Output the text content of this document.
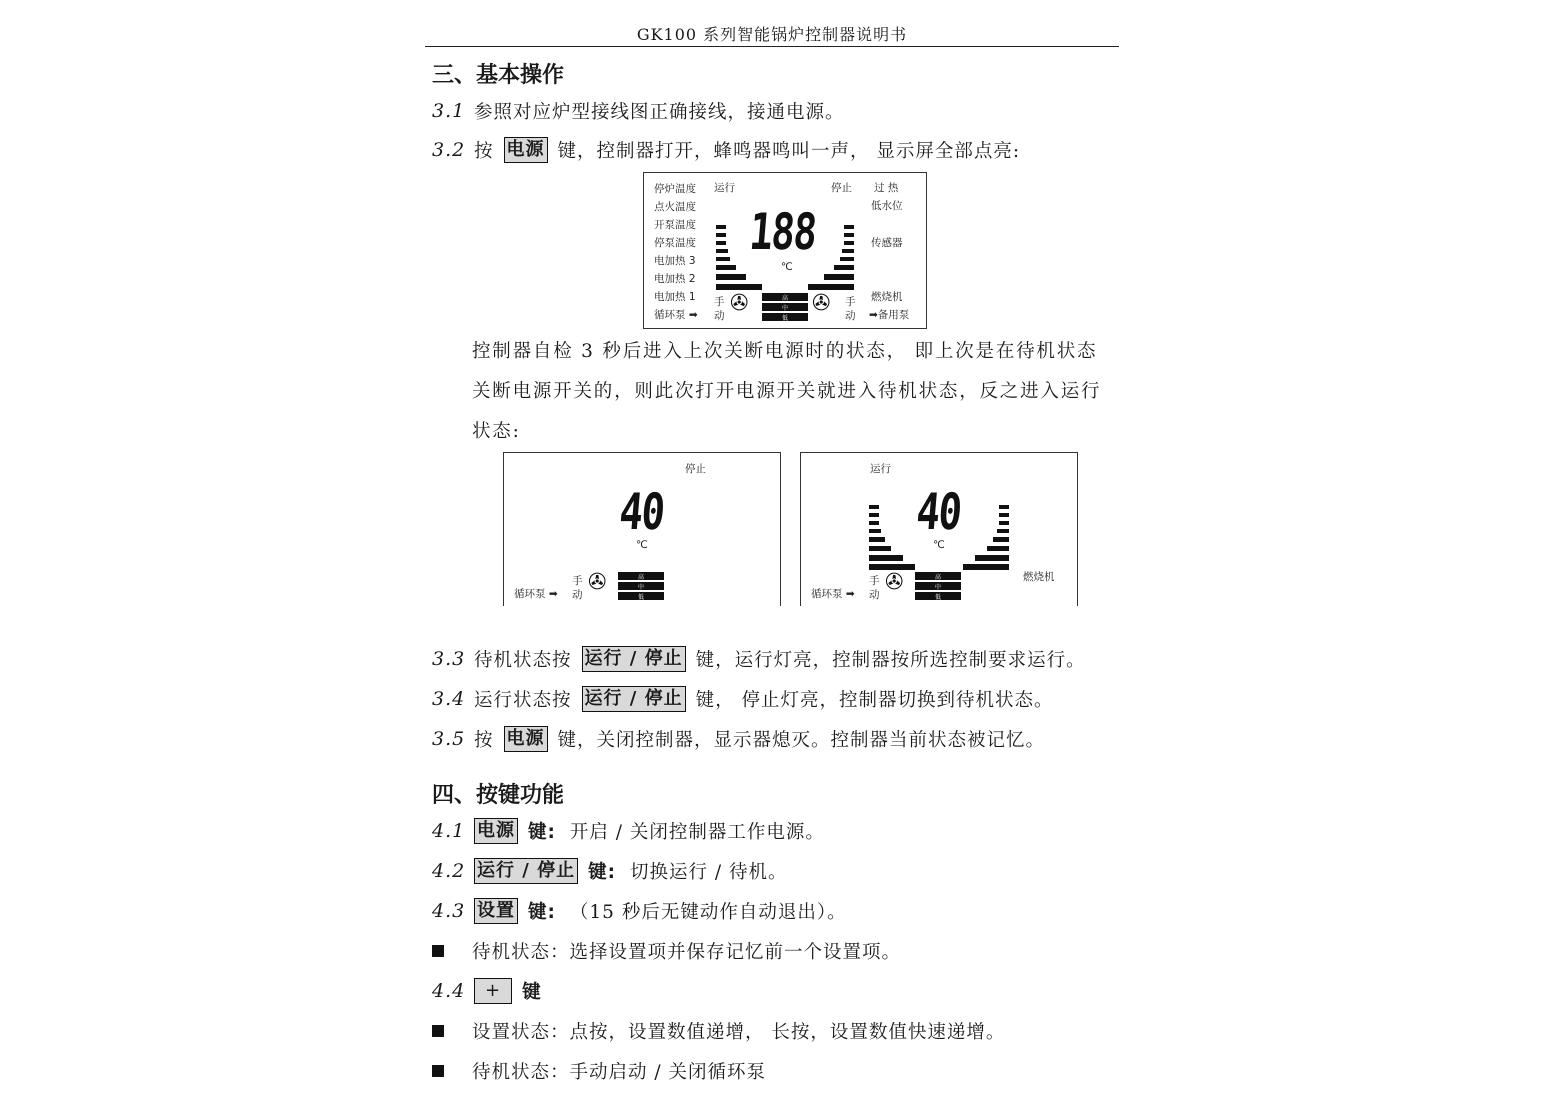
GK100 系列智能锅炉控制器说明书
三、基本操作
3.1 参照对应炉型接线图正确接线，接通电源。
3.2 按 电源 键，控制器打开，蜂鸣器鸣叫一声， 显示屏全部点亮:
停炉温度
点火温度
开泵温度
停泵温度
电加热 3
电加热 2
电加热 1
循环泵 ➡
运行	停止 过 热
低水位
传感器
燃烧机
➡备用泵
188
℃
手
动 ✇	高
中
低
✇ 手
动
控制器自检 3 秒后进入上次关断电源时的状态， 即上次是在待机状态
关断电源开关的，则此次打开电源开关就进入待机状态，反之进入运行
状态:
停止
40
℃
循环泵 ➡
手
动 ✇	高
中
低
运行
40
℃
燃烧机
循环泵 ➡
手
动 ✇	高
中
低
3.3 待机状态按 运行 / 停止 键，运行灯亮，控制器按所选控制要求运行。
3.4 运行状态按 运行 / 停止 键， 停止灯亮，控制器切换到待机状态。
3.5 按 电源 键，关闭控制器，显示器熄灭。控制器当前状态被记忆。
四、按键功能
4.1 电源 键: 开启 / 关闭控制器工作电源。
4.2 运行 / 停止 键: 切换运行 / 待机。
4.3 设置 键: （15 秒后无键动作自动退出）。
待机状态：选择设置项并保存记忆前一个设置项。
4.4	+	键
设置状态：点按，设置数值递增， 长按，设置数值快速递增。
待机状态：手动启动 / 关闭循环泵
